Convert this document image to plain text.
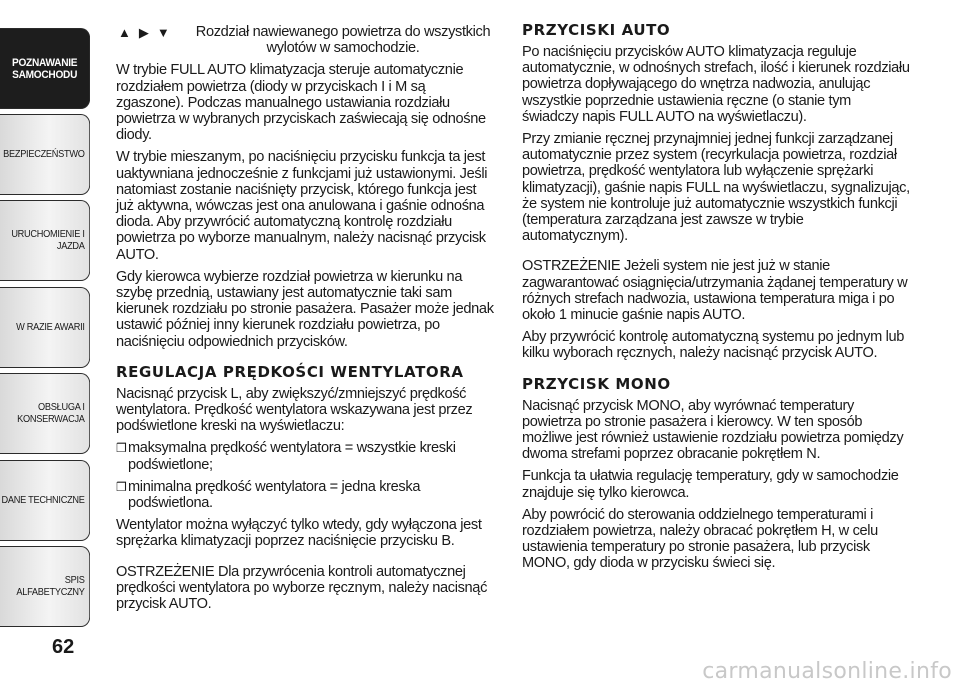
POZNAWANIE SAMOCHODU
BEZPIECZEŃSTWO
URUCHOMIENIE I JAZDA
W RAZIE AWARII
OBSŁUGA I KONSERWACJA
DANE TECHNICZNE
SPIS ALFABETYCZNY
62
▲▶▼	Rozdział nawiewanego powietrza do wszystkich wylotów w samochodzie.

W trybie FULL AUTO klimatyzacja steruje automatycznie rozdziałem powietrza (diody w przyciskach I i M są zgaszone). Podczas manualnego ustawiania rozdziału powietrza w wybranych przyciskach zaświecają się odnośne diody.

W trybie mieszanym, po naciśnięciu przycisku funkcja ta jest uaktywniana jednocześnie z funkcjami już ustawionymi. Jeśli natomiast zostanie naciśnięty przycisk, którego funkcja jest już aktywna, wówczas jest ona anulowana i gaśnie odnośna dioda. Aby przywrócić automatyczną kontrolę rozdziału powietrza po wyborze manualnym, należy nacisnąć przycisk AUTO.

Gdy kierowca wybierze rozdział powietrza w kierunku na szybę przednią, ustawiany jest automatycznie taki sam kierunek rozdziału po stronie pasażera. Pasażer może jednak ustawić później inny kierunek rozdziału powietrza, po naciśnięciu odpowiednich przycisków.

REGULACJA PRĘDKOŚCI WENTYLATORA

Nacisnąć przycisk L, aby zwiększyć/zmniejszyć prędkość wentylatora. Prędkość wentylatora wskazywana jest przez podświetlone kreski na wyświetlaczu:

❒ maksymalna prędkość wentylatora = wszystkie kreski podświetlone;

❒ minimalna prędkość wentylatora = jedna kreska podświetlona.

Wentylator można wyłączyć tylko wtedy, gdy wyłączona jest sprężarka klimatyzacji poprzez naciśnięcie przycisku B.

OSTRZEŻENIE Dla przywrócenia kontroli automatycznej prędkości wentylatora po wyborze ręcznym, należy nacisnąć przycisk AUTO.

PRZYCISKI AUTO

Po naciśnięciu przycisków AUTO klimatyzacja reguluje automatycznie, w odnośnych strefach, ilość i kierunek rozdziału powietrza dopływającego do wnętrza nadwozia, anulując wszystkie poprzednie ustawienia ręczne (o stanie tym świadczy napis FULL AUTO na wyświetlaczu).

Przy zmianie ręcznej przynajmniej jednej funkcji zarządzanej automatycznie przez system (recyrkulacja powietrza, rozdział powietrza, prędkość wentylatora lub wyłączenie sprężarki klimatyzacji), gaśnie napis FULL na wyświetlaczu, sygnalizując, że system nie kontroluje już automatycznie wszystkich funkcji (temperatura zarządzana jest zawsze w trybie automatycznym).

OSTRZEŻENIE Jeżeli system nie jest już w stanie zagwarantować osiągnięcia/utrzymania żądanej temperatury w różnych strefach nadwozia, ustawiona temperatura miga i po około 1 minucie gaśnie napis AUTO.

Aby przywrócić kontrolę automatyczną systemu po jednym lub kilku wyborach ręcznych, należy nacisnąć przycisk AUTO.

PRZYCISK MONO

Nacisnąć przycisk MONO, aby wyrównać temperatury powietrza po stronie pasażera i kierowcy. W ten sposób możliwe jest również ustawienie rozdziału powietrza pomiędzy dwoma strefami poprzez obracanie pokrętłem N.

Funkcja ta ułatwia regulację temperatury, gdy w samochodzie znajduje się tylko kierowca.

Aby powrócić do sterowania oddzielnego temperaturami i rozdziałem powietrza, należy obracać pokrętłem H, w celu ustawienia temperatury po stronie pasażera, lub przycisk MONO, gdy dioda w przycisku świeci się.

carmanualsonline.info
